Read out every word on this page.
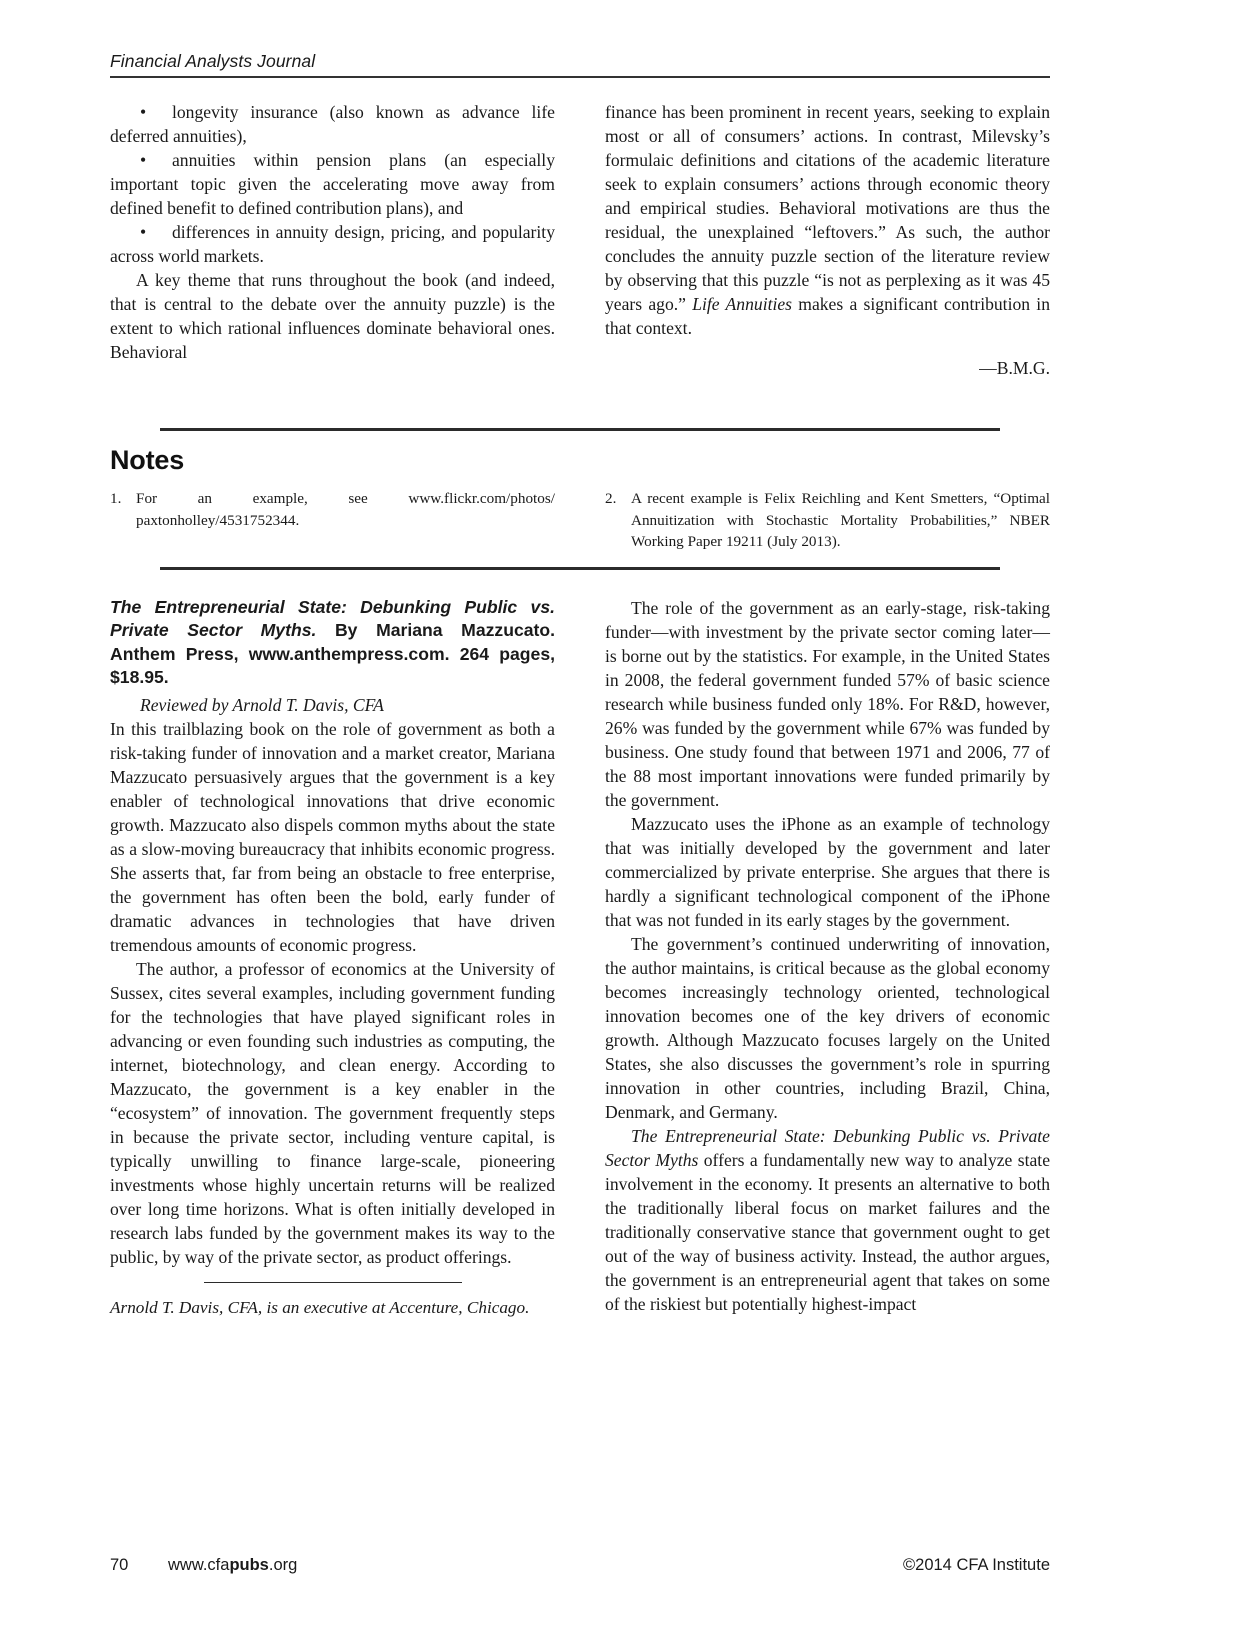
Financial Analysts Journal

• longevity insurance (also known as advance life deferred annuities),

• annuities within pension plans (an especially important topic given the accelerating move away from defined benefit to defined contribution plans), and

• differences in annuity design, pricing, and popularity across world markets.

A key theme that runs throughout the book (and indeed, that is central to the debate over the annuity puzzle) is the extent to which rational influences dominate behavioral ones. Behavioral

finance has been prominent in recent years, seeking to explain most or all of consumers’ actions. In contrast, Milevsky’s formulaic definitions and citations of the academic literature seek to explain consumers’ actions through economic theory and empirical studies. Behavioral motivations are thus the residual, the unexplained “leftovers.” As such, the author concludes the annuity puzzle section of the literature review by observing that this puzzle “is not as perplexing as it was 45 years ago.” Life Annuities makes a significant contribution in that context.

—B.M.G.
Notes
1. For an example, see www.flickr.com/photos/ paxtonholley/4531752344.
2. A recent example is Felix Reichling and Kent Smetters, “Optimal Annuitization with Stochastic Mortality Probabilities,” NBER Working Paper 19211 (July 2013).

The Entrepreneurial State: Debunking Public vs. Private Sector Myths. By Mariana Mazzucato. Anthem Press, www.anthempress.com. 264 pages, $18.95.

Reviewed by Arnold T. Davis, CFA

In this trailblazing book on the role of government as both a risk-taking funder of innovation and a market creator, Mariana Mazzucato persuasively argues that the government is a key enabler of technological innovations that drive economic growth. Mazzucato also dispels common myths about the state as a slow-moving bureaucracy that inhibits economic progress. She asserts that, far from being an obstacle to free enterprise, the government has often been the bold, early funder of dramatic advances in technologies that have driven tremendous amounts of economic progress.

The author, a professor of economics at the University of Sussex, cites several examples, including government funding for the technologies that have played significant roles in advancing or even founding such industries as computing, the internet, biotechnology, and clean energy. According to Mazzucato, the government is a key enabler in the “ecosystem” of innovation. The government frequently steps in because the private sector, including venture capital, is typically unwilling to finance large-scale, pioneering investments whose highly uncertain returns will be realized over long time horizons. What is often initially developed in research labs funded by the government makes its way to the public, by way of the private sector, as product offerings.

Arnold T. Davis, CFA, is an executive at Accenture, Chicago.

The role of the government as an early-stage, risk-taking funder—with investment by the private sector coming later—is borne out by the statistics. For example, in the United States in 2008, the federal government funded 57% of basic science research while business funded only 18%. For R&D, however, 26% was funded by the government while 67% was funded by business. One study found that between 1971 and 2006, 77 of the 88 most important innovations were funded primarily by the government.

Mazzucato uses the iPhone as an example of technology that was initially developed by the government and later commercialized by private enterprise. She argues that there is hardly a significant technological component of the iPhone that was not funded in its early stages by the government.

The government’s continued underwriting of innovation, the author maintains, is critical because as the global economy becomes increasingly technology oriented, technological innovation becomes one of the key drivers of economic growth. Although Mazzucato focuses largely on the United States, she also discusses the government’s role in spurring innovation in other countries, including Brazil, China, Denmark, and Germany.

The Entrepreneurial State: Debunking Public vs. Private Sector Myths offers a fundamentally new way to analyze state involvement in the economy. It presents an alternative to both the traditionally liberal focus on market failures and the traditionally conservative stance that government ought to get out of the way of business activity. Instead, the author argues, the government is an entrepreneurial agent that takes on some of the riskiest but potentially highest-impact

70	www.cfapubs.org	©2014 CFA Institute
